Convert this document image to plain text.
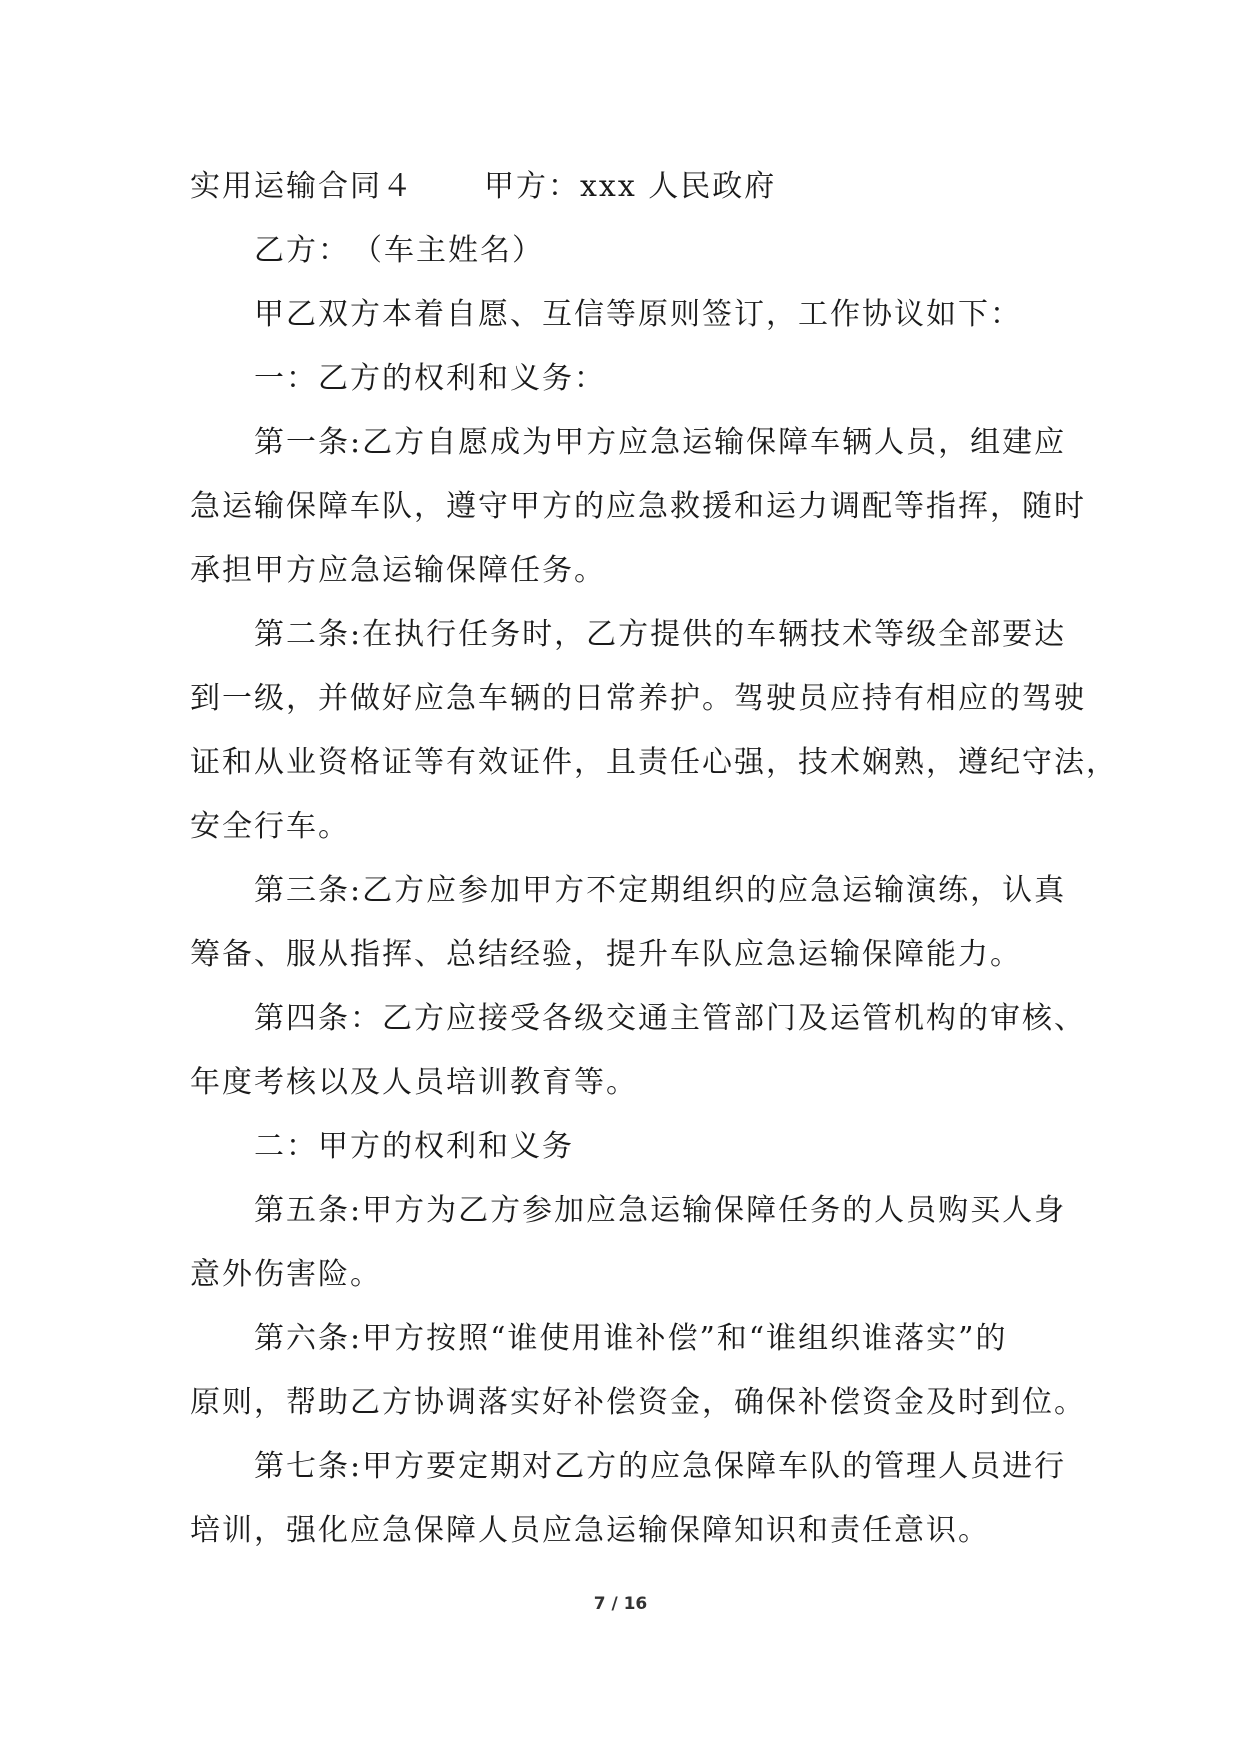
实用运输合同４ 甲方：xxx 人民政府
乙方：　（车主姓名）
甲乙双方本着自愿、互信等原则签订，工作协议如下：
一：乙方的权利和义务：
第一条:乙方自愿成为甲方应急运输保障车辆人员，组建应
急运输保障车队，遵守甲方的应急救援和运力调配等指挥，随时
承担甲方应急运输保障任务。
第二条:在执行任务时，乙方提供的车辆技术等级全部要达
到一级，并做好应急车辆的日常养护。驾驶员应持有相应的驾驶
证和从业资格证等有效证件，且责任心强，技术娴熟，遵纪守法，
安全行车。
第三条:乙方应参加甲方不定期组织的应急运输演练，认真
筹备、服从指挥、总结经验，提升车队应急运输保障能力。
第四条：乙方应接受各级交通主管部门及运管机构的审核、
年度考核以及人员培训教育等。
二：甲方的权利和义务
第五条:甲方为乙方参加应急运输保障任务的人员购买人身
意外伤害险。
第六条:甲方按照“谁使用谁补偿”和“谁组织谁落实”的
原则，帮助乙方协调落实好补偿资金，确保补偿资金及时到位。
第七条:甲方要定期对乙方的应急保障车队的管理人员进行
培训，强化应急保障人员应急运输保障知识和责任意识。
7 / 16
